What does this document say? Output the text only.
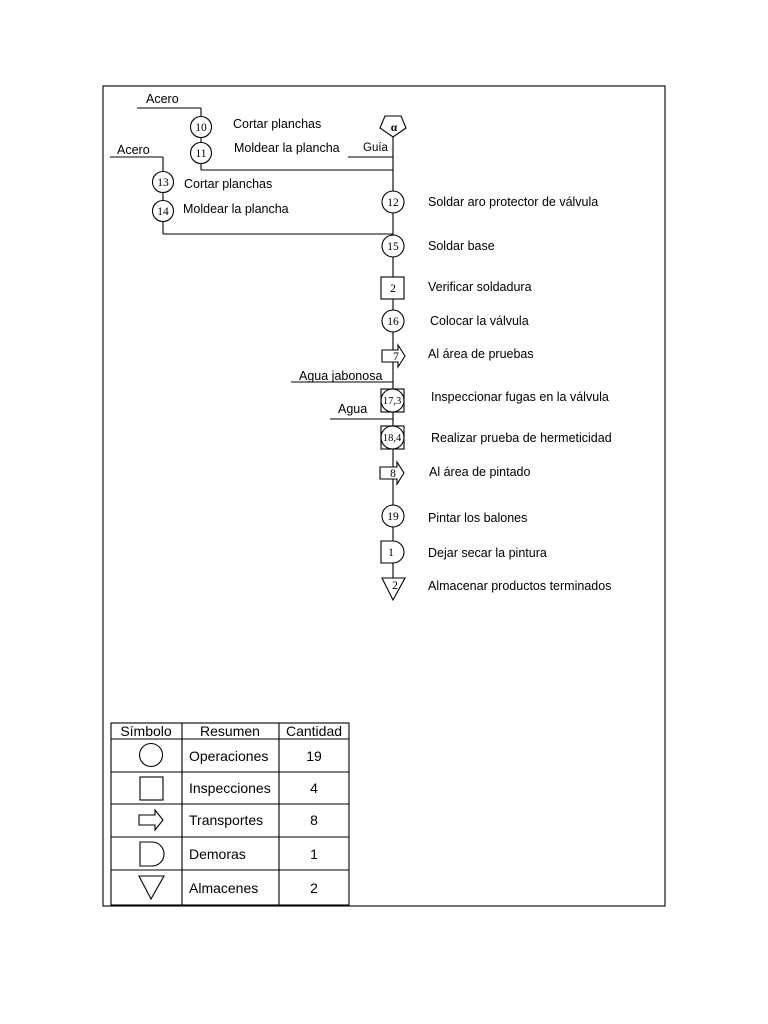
Acero
10 Cortar planchas
11 Moldear la plancha
Acero
13 Cortar planchas
14 Moldear la plancha
α
Guía
12 Soldar aro protector de válvula
15 Soldar base
2	Verificar soldadura
16	Colocar la válvula
7 Al área de pruebas
Agua jabonosa
17,3 Inspeccionar fugas en la válvula
Agua
18,4 Realizar prueba de hermeticidad
8	Al área de pintado
19 Pintar los balones
1	Dejar secar la pintura
2 Almacenar productos terminados
Símbolo Resumen Cantidad
Operaciones	19
Inspecciones	4
Transportes	8
Demoras	1
Almacenes	2
